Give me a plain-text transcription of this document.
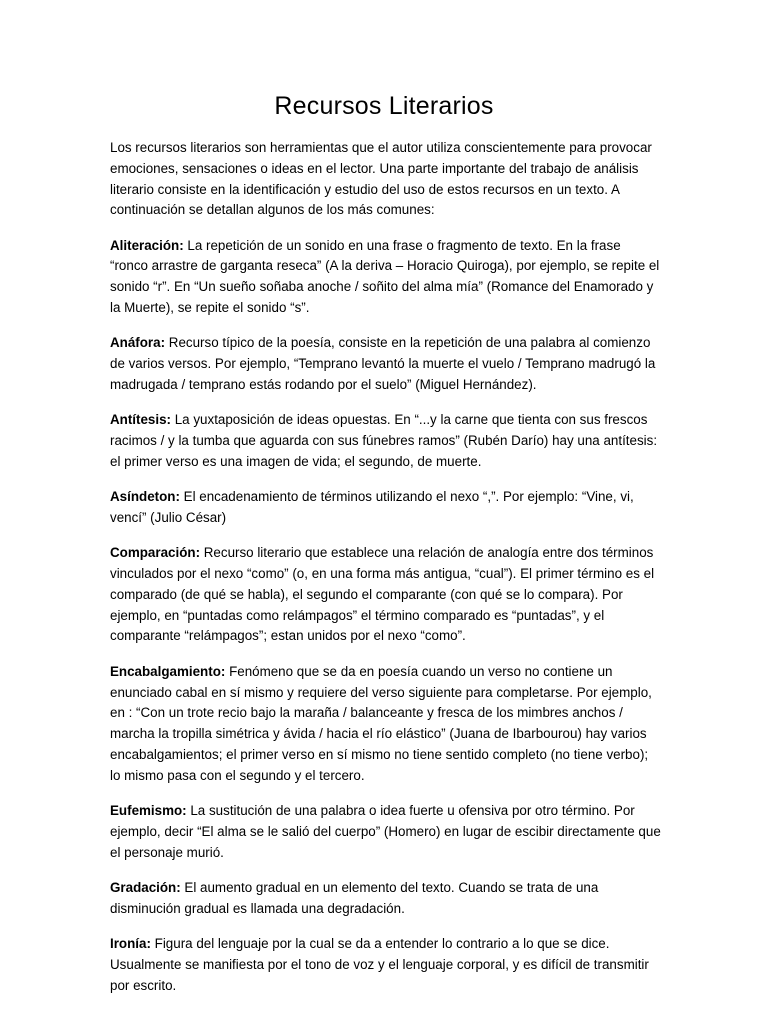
Recursos Literarios

Los recursos literarios son herramientas que el autor utiliza conscientemente para provocar emociones, sensaciones o ideas en el lector. Una parte importante del trabajo de análisis literario consiste en la identificación y estudio del uso de estos recursos en un texto. A continuación se detallan algunos de los más comunes:

Aliteración: La repetición de un sonido en una frase o fragmento de texto. En la frase “ronco arrastre de garganta reseca” (A la deriva – Horacio Quiroga), por ejemplo, se repite el sonido “r”. En “Un sueño soñaba anoche / soñito del alma mía” (Romance del Enamorado y la Muerte), se repite el sonido “s”.

Anáfora: Recurso típico de la poesía, consiste en la repetición de una palabra al comienzo de varios versos. Por ejemplo, “Temprano levantó la muerte el vuelo / Temprano madrugó la madrugada / temprano estás rodando por el suelo” (Miguel Hernández).

Antítesis: La yuxtaposición de ideas opuestas. En “...y la carne que tienta con sus frescos racimos / y la tumba que aguarda con sus fúnebres ramos” (Rubén Darío) hay una antítesis: el primer verso es una imagen de vida; el segundo, de muerte.

Asíndeton: El encadenamiento de términos utilizando el nexo “,”. Por ejemplo: “Vine, vi, vencí” (Julio César)

Comparación: Recurso literario que establece una relación de analogía entre dos términos vinculados por el nexo “como” (o, en una forma más antigua, “cual”). El primer término es el comparado (de qué se habla), el segundo el comparante (con qué se lo compara). Por ejemplo, en “puntadas como relámpagos” el término comparado es “puntadas”, y el comparante “relámpagos”; estan unidos por el nexo “como”.

Encabalgamiento: Fenómeno que se da en poesía cuando un verso no contiene un enunciado cabal en sí mismo y requiere del verso siguiente para completarse. Por ejemplo, en : “Con un trote recio bajo la maraña / balanceante y fresca de los mimbres anchos / marcha la tropilla simétrica y ávida / hacia el río elástico” (Juana de Ibarbourou) hay varios encabalgamientos; el primer verso en sí mismo no tiene sentido completo (no tiene verbo); lo mismo pasa con el segundo y el tercero.

Eufemismo: La sustitución de una palabra o idea fuerte u ofensiva por otro término. Por ejemplo, decir “El alma se le salió del cuerpo” (Homero) en lugar de escibir directamente que el personaje murió.

Gradación: El aumento gradual en un elemento del texto. Cuando se trata de una disminución gradual es llamada una degradación.

Ironía: Figura del lenguaje por la cual se da a entender lo contrario a lo que se dice. Usualmente se manifiesta por el tono de voz y el lenguaje corporal, y es difícil de transmitir por escrito.
